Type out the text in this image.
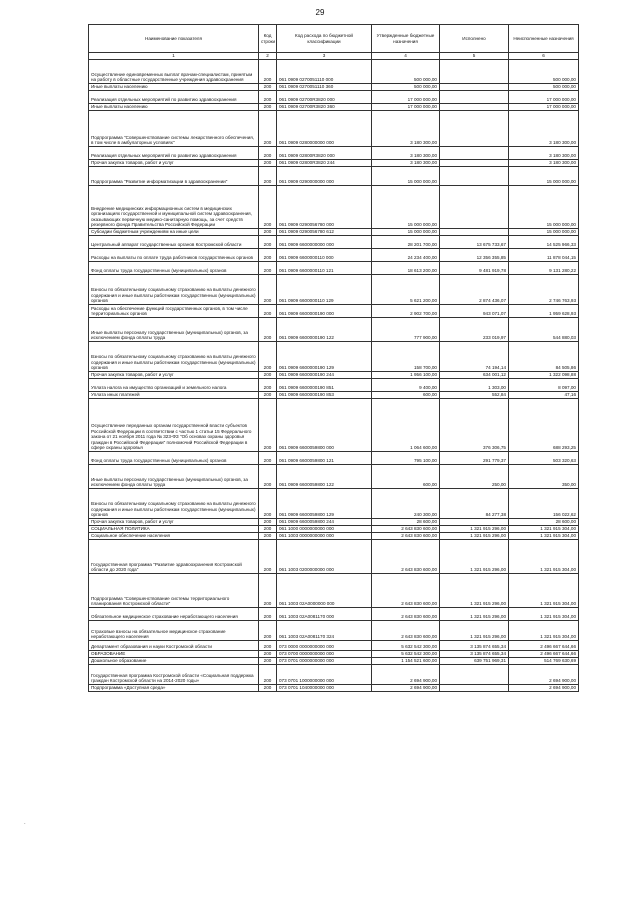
29
Наименование показателя	Код строки	Код расхода по бюджетной классификации	Утвержденные бюджетные назначения	Исполнено	Неисполненные назначения
1	2	3	4	5	6
Осуществление единовременных выплат врачам-специалистам, принятым на работу в областные государственные учреждения здравоохранения	200	061 0909 0270051110 000	500 000,00		500 000,00
Иные выплаты населению	200	061 0909 0270051110 360	500 000,00		500 000,00
Реализация отдельных мероприятий по развитию здравоохранения	200	061 0909 02700R3820 000	17 000 000,00		17 000 000,00
Иные выплаты населению	200	061 0909 02700R3820 360	17 000 000,00		17 000 000,00
Подпрограмма "Совершенствование системы лекарственного обеспечения, в том числе в амбулаторных условиях"	200	061 0909 0280000000 000	3 180 300,00		3 180 300,00
Реализация отдельных мероприятий по развитию здравоохранения	200	061 0909 02800R3820 000	3 180 300,00		3 180 300,00
Прочая закупка товаров, работ и услуг	200	061 0909 02800R3820 244	3 180 300,00		3 180 300,00
Подпрограмма "Развитие информатизации в здравоохранении"	200	061 0909 0290000000 000	15 000 000,00		15 000 000,00
Внедрение медицинских информационных систем в медицинских организациях государственной и муниципальной систем здравоохранения, оказывающих первичную медико-санитарную помощь, за счет средств резервного фонда Правительства Российской Федерации	200	061 0909 0290056780 000	15 000 000,00		15 000 000,00
Субсидии бюджетным учреждениям на иные цели	200	061 0909 0290056780 612	15 000 000,00		15 000 000,00
Центральный аппарат государственных органов Костромской области	200	061 0909 6600000000 000	28 201 700,00	13 675 733,67	14 525 966,33
Расходы на выплаты по оплате труда работников государственных органов	200	061 0909 6600000110 000	24 234 400,00	12 356 355,85	11 878 044,15
Фонд оплаты труда государственных (муниципальных) органов	200	061 0909 6600000110 121	18 613 200,00	9 481 919,78	9 131 280,22
Взносы по обязательному социальному страхованию на выплаты денежного содержания и иные выплаты работникам государственных (муниципальных) органов	200	061 0909 6600000110 129	5 621 200,00	2 874 436,07	2 746 763,93
Расходы на обеспечение функций государственных органов, в том числе территориальных органов	200	061 0909 6600000190 000	2 902 700,00	943 071,07	1 959 628,93
Иные выплаты персоналу государственных (муниципальных) органов, за исключением фонда оплаты труда	200	061 0909 6600000190 122	777 900,00	233 019,97	544 880,03
Взносы по обязательному социальному страхованию на выплаты денежного содержания и иные выплаты работникам государственных (муниципальных) органов	200	061 0909 6600000190 129	158 700,00	74 194,14	84 505,86
Прочая закупка товаров, работ и услуг	200	061 0909 6600000190 244	1 956 100,00	634 001,12	1 322 098,88
Уплата налога на имущество организаций и земельного налога	200	061 0909 6600000190 851	9 400,00	1 303,00	8 097,00
Уплата иных платежей	200	061 0909 6600000190 853	600,00	552,84	47,16
Осуществление переданных органам государственной власти субъектов Российской Федерации в соответствии с частью 1 статьи 15 Федерального закона от 21 ноября 2011 года № 323-ФЗ "Об основах охраны здоровья граждан в Российской Федерации" полномочий Российской Федерации в сфере охраны здоровья	200	061 0909 6600059800 000	1 064 600,00	376 306,75	688 293,25
Фонд оплаты труда государственных (муниципальных) органов	200	061 0909 6600059800 121	795 100,00	291 779,37	503 320,63
Иные выплаты персоналу государственных (муниципальных) органов, за исключением фонда оплаты труда	200	061 0909 6600059800 122	600,00	250,00	350,00
Взносы по обязательному социальному страхованию на выплаты денежного содержания и иные выплаты работникам государственных (муниципальных) органов	200	061 0909 6600059800 129	240 300,00	84 277,38	156 022,62
Прочая закупка товаров, работ и услуг	200	061 0909 6600059800 244	28 600,00		28 600,00
СОЦИАЛЬНАЯ ПОЛИТИКА	200	061 1000 0000000000 000	2 643 830 600,00	1 321 915 296,00	1 321 915 304,00
Социальное обеспечение населения	200	061 1003 0000000000 000	2 643 830 600,00	1 321 915 296,00	1 321 915 304,00
Государственная программа "Развитие здравоохранения Костромской области до 2020 года"	200	061 1003 0200000000 000	2 643 830 600,00	1 321 915 296,00	1 321 915 304,00
Подпрограмма "Совершенствование системы территориального планирования Костромской области"	200	061 1003 02А0000000 000	2 643 830 600,00	1 321 915 296,00	1 321 915 304,00
Обязательное медицинское страхование неработающего населения	200	061 1003 02А0081170 000	2 643 830 600,00	1 321 915 296,00	1 321 915 304,00
Страховые взносы на обязательное медицинское страхование неработающего населения	200	061 1003 02А0081170 324	2 643 830 600,00	1 321 915 296,00	1 321 915 304,00
Департамент образования и науки Костромской области	200	073 0000 0000000000 000	5 632 542 300,00	3 135 874 655,34	2 496 667 644,66
ОБРАЗОВАНИЕ	200	073 0700 0000000000 000	5 632 542 300,00	3 135 874 655,34	2 496 667 644,66
Дошкольное образование	200	073 0701 0000000000 000	1 154 521 600,00	639 751 969,31	514 769 630,69
Государственная программа Костромской области «Социальная поддержка граждан Костромской области на 2014-2020 годы»	200	073 0701 1000000000 000	2 694 900,00		2 694 900,00
Подпрограмма «Доступная среда»	200	073 0701 1040000000 000	2 694 900,00		2 694 900,00
.
